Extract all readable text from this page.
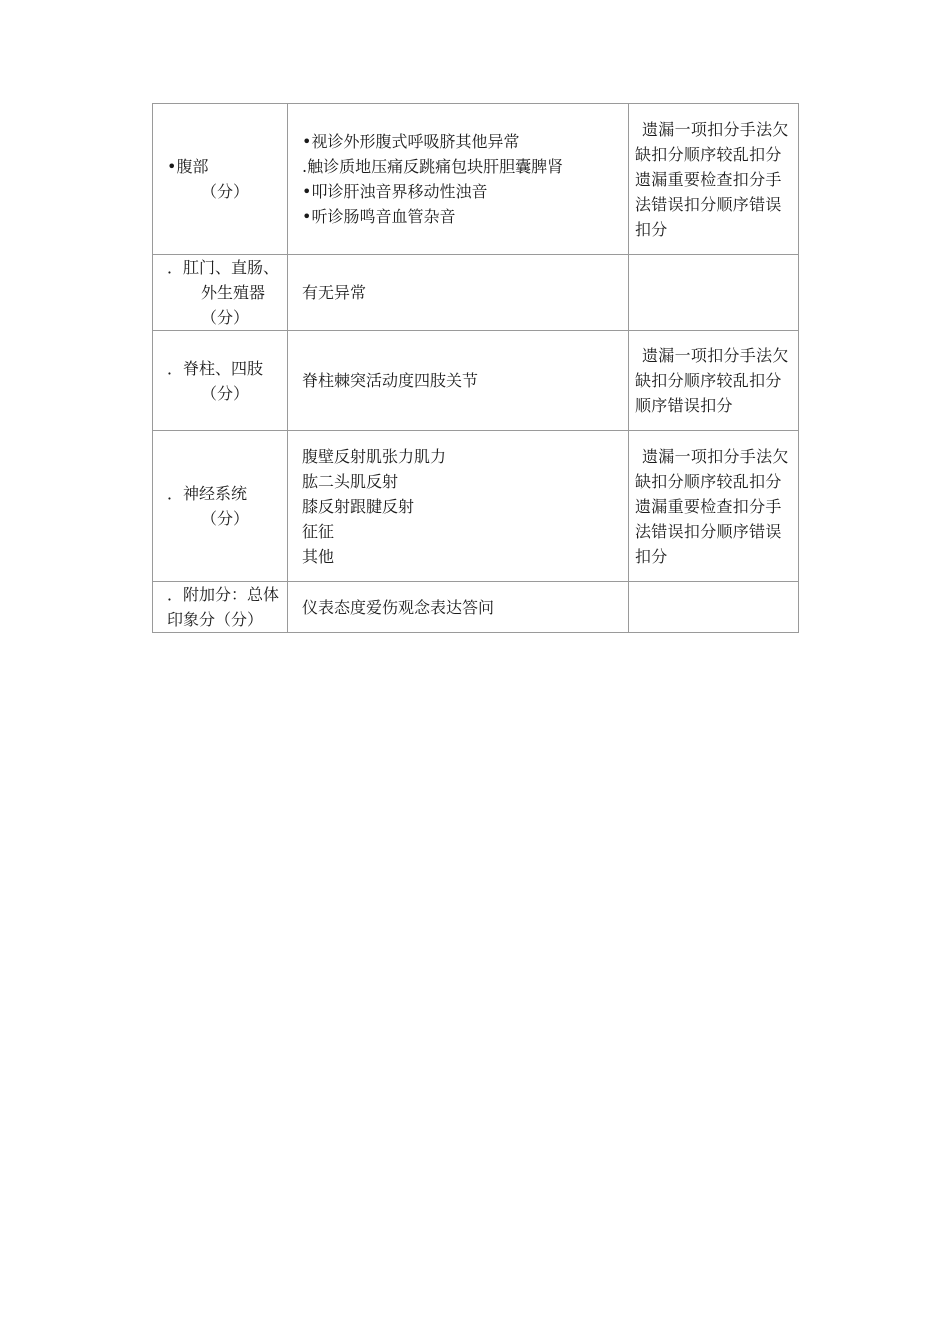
•腹部
（分）	•视诊外形腹式呼吸脐其他异常
.触诊质地压痛反跳痛包块肝胆囊脾肾
•叩诊肝浊音界移动性浊音
•听诊肠鸣音血管杂音	遗漏一项扣分手法欠缺扣分顺序较乱扣分遗漏重要检查扣分手法错误扣分顺序错误扣分

．肛门、直肠、
外生殖器
（分）	有无异常	

．脊柱、四肢
（分）	脊柱棘突活动度四肢关节	遗漏一项扣分手法欠缺扣分顺序较乱扣分顺序错误扣分

．神经系统
（分）	腹壁反射肌张力肌力
肱二头肌反射
膝反射跟腱反射
征征
其他	遗漏一项扣分手法欠缺扣分顺序较乱扣分遗漏重要检查扣分手法错误扣分顺序错误扣分

．附加分：总体
印象分（分）	仪表态度爱伤观念表达答问	
